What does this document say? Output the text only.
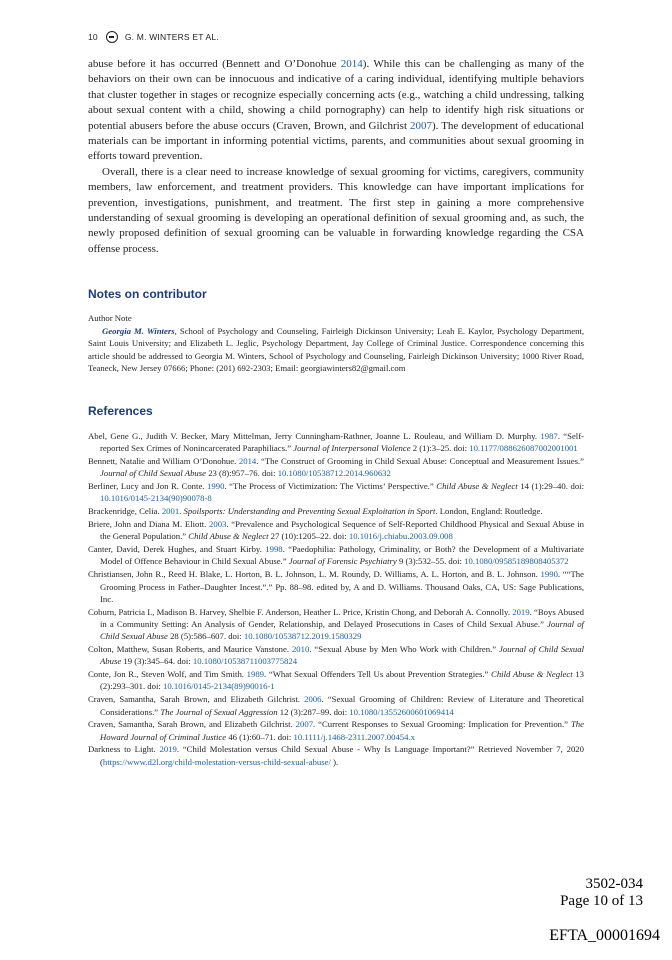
10	G. M. WINTERS ET AL.

abuse before it has occurred (Bennett and O’Donohue 2014). While this can be challenging as many of the behaviors on their own can be innocuous and indicative of a caring individual, identifying multiple behaviors that cluster together in stages or recognize especially concerning acts (e.g., watching a child undressing, talking about sexual content with a child, showing a child pornography) can help to identify high risk situations or potential abusers before the abuse occurs (Craven, Brown, and Gilchrist 2007). The development of educational materials can be important in informing potential victims, parents, and communities about sexual grooming in efforts toward prevention.

Overall, there is a clear need to increase knowledge of sexual grooming for victims, caregivers, community members, law enforcement, and treatment providers. This knowledge can have important implications for prevention, investigations, punishment, and treatment. The first step in gaining a more comprehensive understanding of sexual grooming is developing an operational definition of sexual grooming and, as such, the newly proposed definition of sexual grooming can be valuable in forwarding knowledge regarding the CSA offense process.

Notes on contributor
Author Note
Georgia M. Winters, School of Psychology and Counseling, Fairleigh Dickinson University; Leah E. Kaylor, Psychology Department, Saint Louis University; and Elizabeth L. Jeglic, Psychology Department, Jay College of Criminal Justice. Correspondence concerning this article should be addressed to Georgia M. Winters, School of Psychology and Counseling, Fairleigh Dickinson University; 1000 River Road, Teaneck, New Jersey 07666; Phone: (201) 692-2303; Email: georgiawinters82@gmail.com
References
Abel, Gene G., Judith V. Becker, Mary Mittelman, Jerry Cunningham-Rathner, Joanne L. Rouleau, and William D. Murphy. 1987. “Self-reported Sex Crimes of Nonincarcerated Paraphiliacs.” Journal of Interpersonal Violence 2 (1):3–25. doi: 10.1177/088626087002001001
Bennett, Natalie and William O’Donohue. 2014. “The Construct of Grooming in Child Sexual Abuse: Conceptual and Measurement Issues.” Journal of Child Sexual Abuse 23 (8):957–76. doi: 10.1080/10538712.2014.960632
Berliner, Lucy and Jon R. Conte. 1990. “The Process of Victimization: The Victims’ Perspective.” Child Abuse & Neglect 14 (1):29–40. doi: 10.1016/0145-2134(90)90078-8
Brackenridge, Celia. 2001. Spoilsports: Understanding and Preventing Sexual Exploitation in Sport. London, England: Routledge.
Briere, John and Diana M. Eliott. 2003. “Prevalence and Psychological Sequence of Self-Reported Childhood Physical and Sexual Abuse in the General Population.” Child Abuse & Neglect 27 (10):1205–22. doi: 10.1016/j.chiabu.2003.09.008
Canter, David, Derek Hughes, and Stuart Kirby. 1998. “Paedophilia: Pathology, Criminality, or Both? the Development of a Multivariate Model of Offence Behaviour in Child Sexual Abuse.” Journal of Forensic Psychiatry 9 (3):532–55. doi: 10.1080/09585189808405372
Christiansen, John R., Reed H. Blake, L. Horton, B. L. Johnson, L. M. Roundy, D. Williams, A. L. Horton, and B. L. Johnson. 1990. ““The Grooming Process in Father–Daughter Incest.”.” Pp. 88–98. edited by, A and D. Williams. Thousand Oaks, CA, US: Sage Publications, Inc.
Coburn, Patricia I., Madison B. Harvey, Shelbie F. Anderson, Heather L. Price, Kristin Chong, and Deborah A. Connolly. 2019. “Boys Abused in a Community Setting: An Analysis of Gender, Relationship, and Delayed Prosecutions in Cases of Child Sexual Abuse.” Journal of Child Sexual Abuse 28 (5):586–607. doi: 10.1080/10538712.2019.1580329
Colton, Matthew, Susan Roberts, and Maurice Vanstone. 2010. “Sexual Abuse by Men Who Work with Children.” Journal of Child Sexual Abuse 19 (3):345–64. doi: 10.1080/10538711003775824
Conte, Jon R., Steven Wolf, and Tim Smith. 1989. “What Sexual Offenders Tell Us about Prevention Strategies.” Child Abuse & Neglect 13 (2):293–301. doi: 10.1016/0145-2134(89)90016-1
Craven, Samantha, Sarah Brown, and Elizabeth Gilchrist. 2006. “Sexual Grooming of Children: Review of Literature and Theoretical Considerations.” The Journal of Sexual Aggression 12 (3):287–99. doi: 10.1080/13552600601069414
Craven, Samantha, Sarah Brown, and Elizabeth Gilchrist. 2007. “Current Responses to Sexual Grooming: Implication for Prevention.” The Howard Journal of Criminal Justice 46 (1):60–71. doi: 10.1111/j.1468-2311.2007.00454.x
Darkness to Light. 2019. “Child Molestation versus Child Sexual Abuse - Why Is Language Important?” Retrieved November 7, 2020 (https://www.d2l.org/child-molestation-versus-child-sexual-abuse/ ).
3502-034
Page 10 of 13
EFTA_00001694
